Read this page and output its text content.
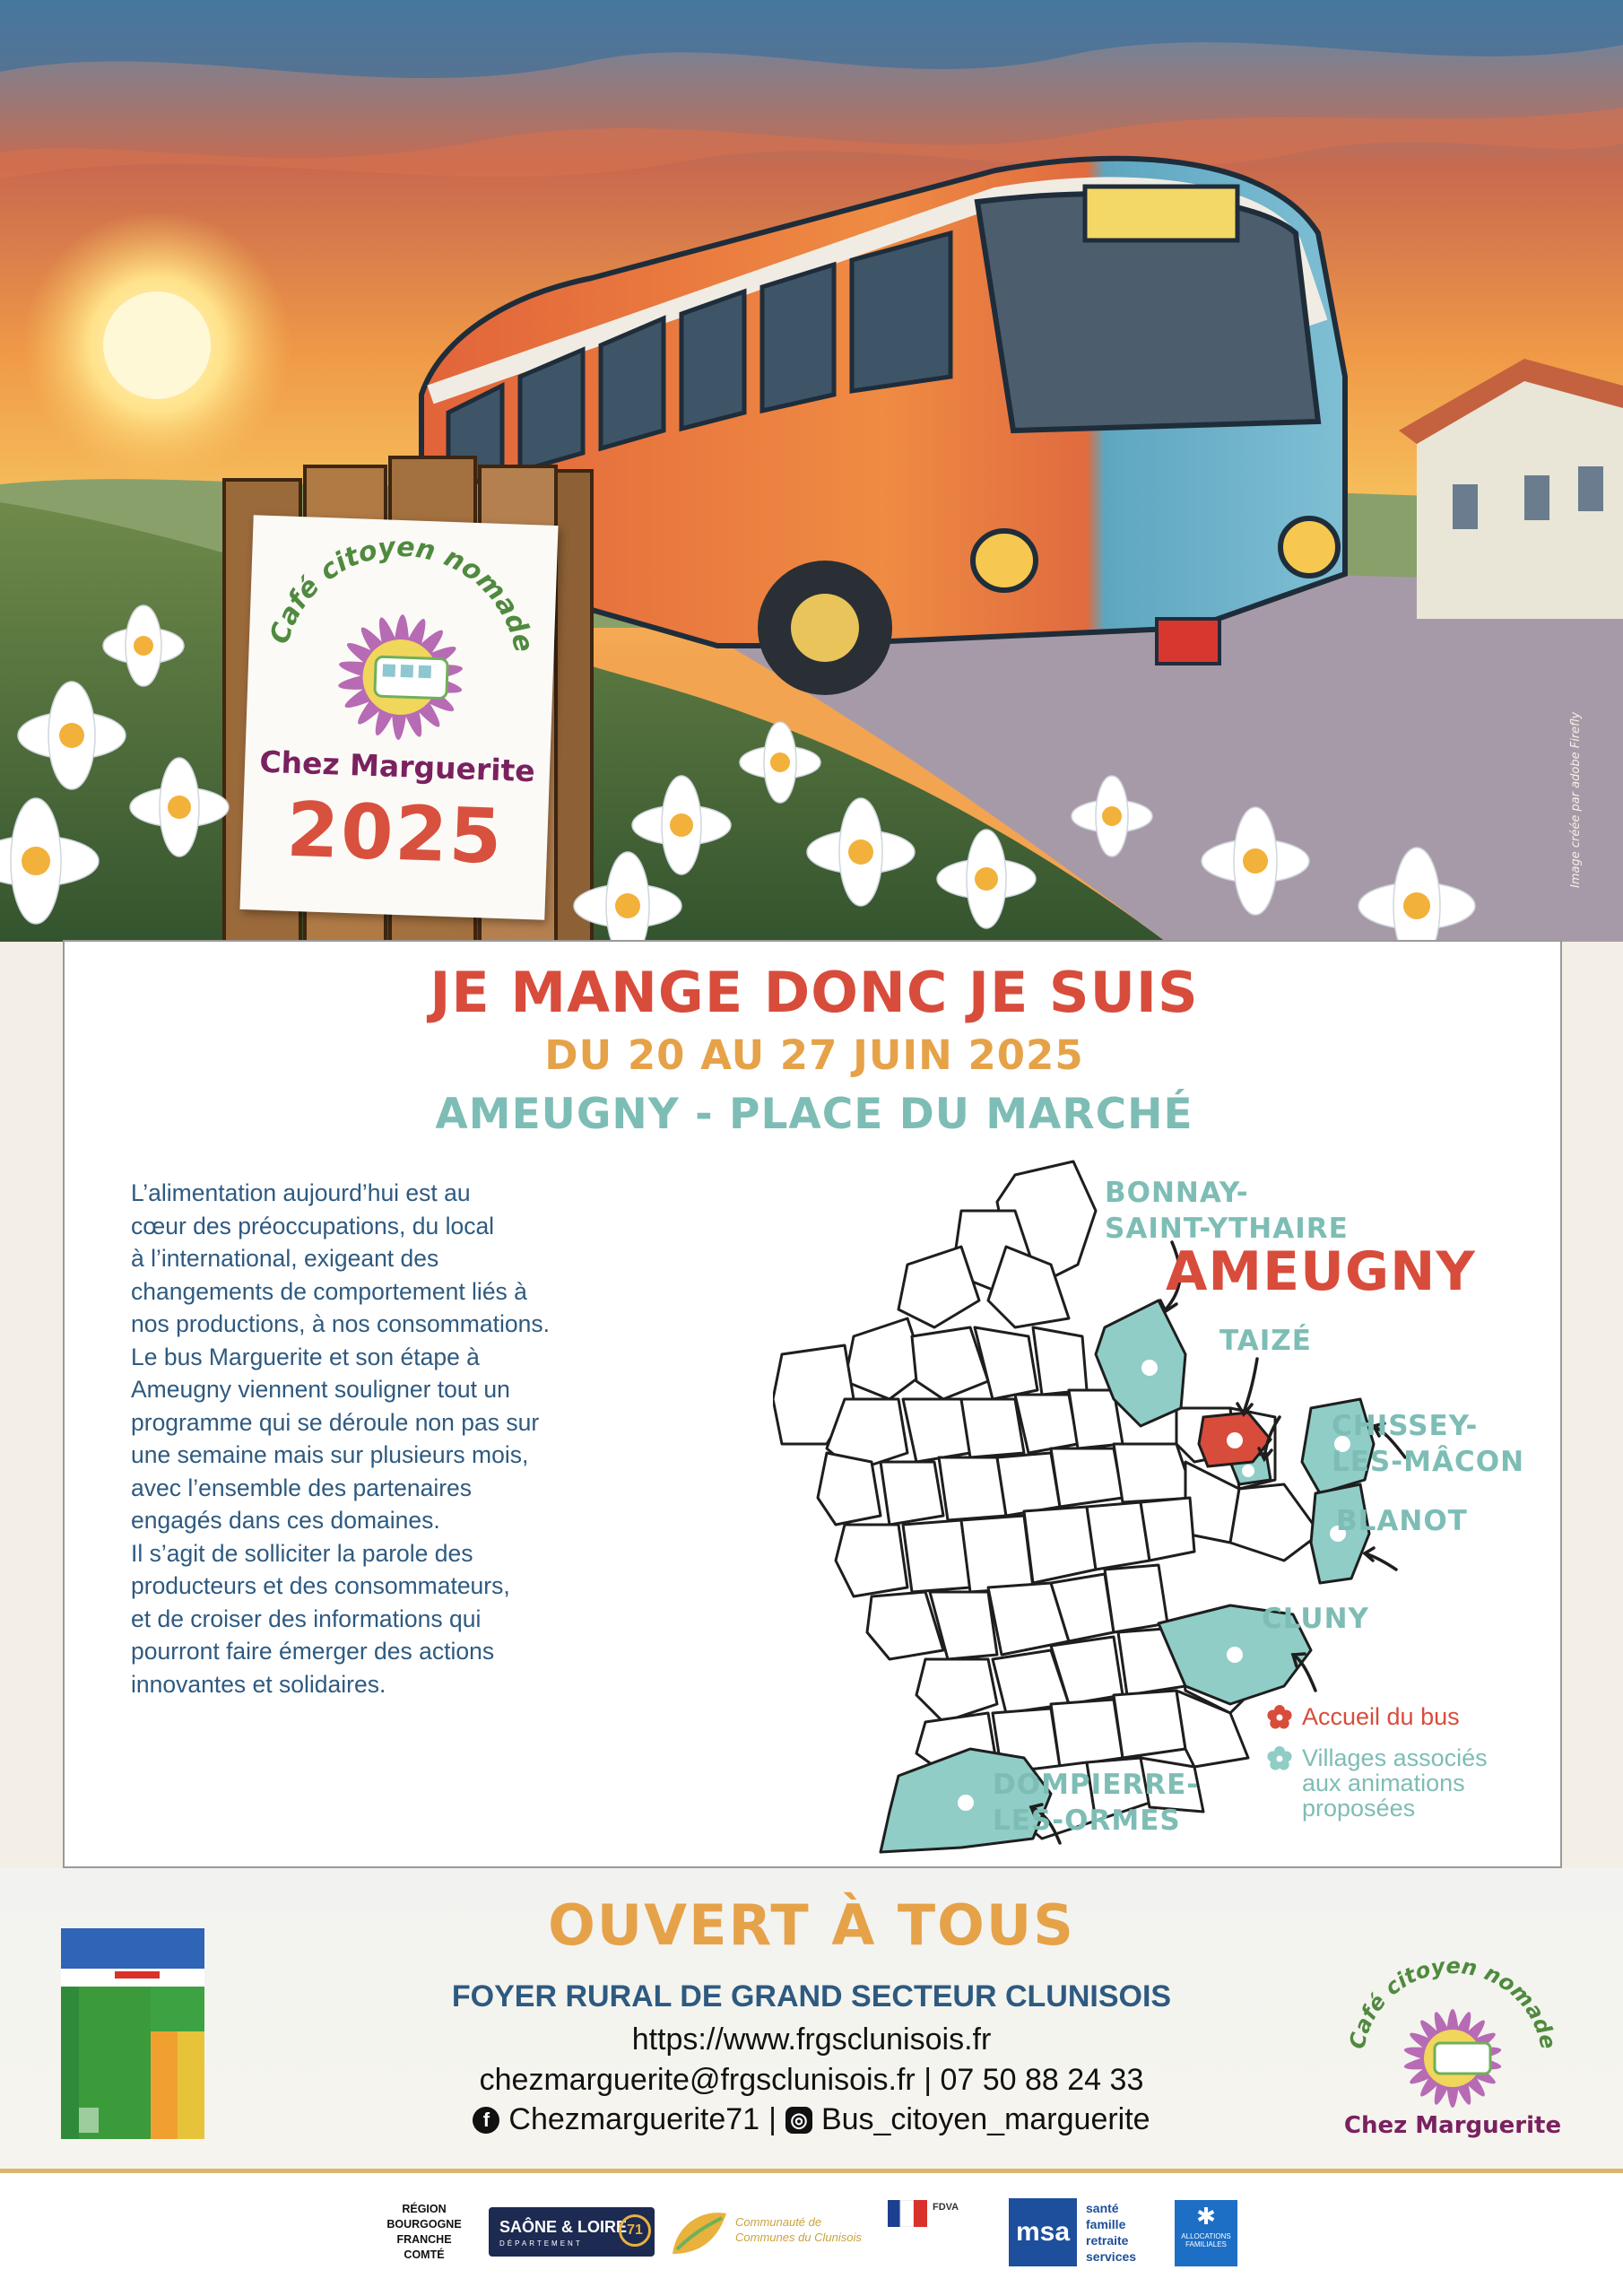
Café citoyen nomade
Chez Marguerite
2025	Image créée par adobe Firefly
JE MANGE DONC JE SUIS
DU 20 AU 27 JUIN 2025
AMEUGNY - PLACE DU MARCHÉ

L’alimentation aujourd’hui est au

cœur des préoccupations, du local

à l’international, exigeant des

changements de comportement liés à

nos productions, à nos consommations.

Le bus Marguerite et son étape à

Ameugny viennent souligner tout un

programme qui se déroule non pas sur

une semaine mais sur plusieurs mois,

avec l’ensemble des partenaires

engagés dans ces domaines.

Il s’agit de solliciter la parole des

producteurs et des consommateurs,

et de croiser des informations qui

pourront faire émerger des actions

innovantes et solidaires.

BONNAY-
SAINT-YTHAIRE
AMEUGNY
TAIZÉ
CHISSEY-
LES-MÂCON
BLANOT
CLUNY
DOMPIERRE-
LES-ORMES
Accueil du bus
Villages associés aux animations proposées
OUVERT À TOUS
FOYER RURAL DE GRAND SECTEUR CLUNISOIS
https://www.frgsclunisois.fr
chezmarguerite@frgsclunisois.fr | 07 50 88 24 33
f Chezmarguerite71 | ◎ Bus_citoyen_marguerite
Café citoyen nomade
Chez Marguerite
RÉGION
BOURGOGNE
FRANCHE
COMTÉ
SAÔNE & LOIRE
DÉPARTEMENT
71
Communauté de Communes du Clunisois
FDVA
msa
santé
famille
retraite
services
✱
ALLOCATIONS FAMILIALES
